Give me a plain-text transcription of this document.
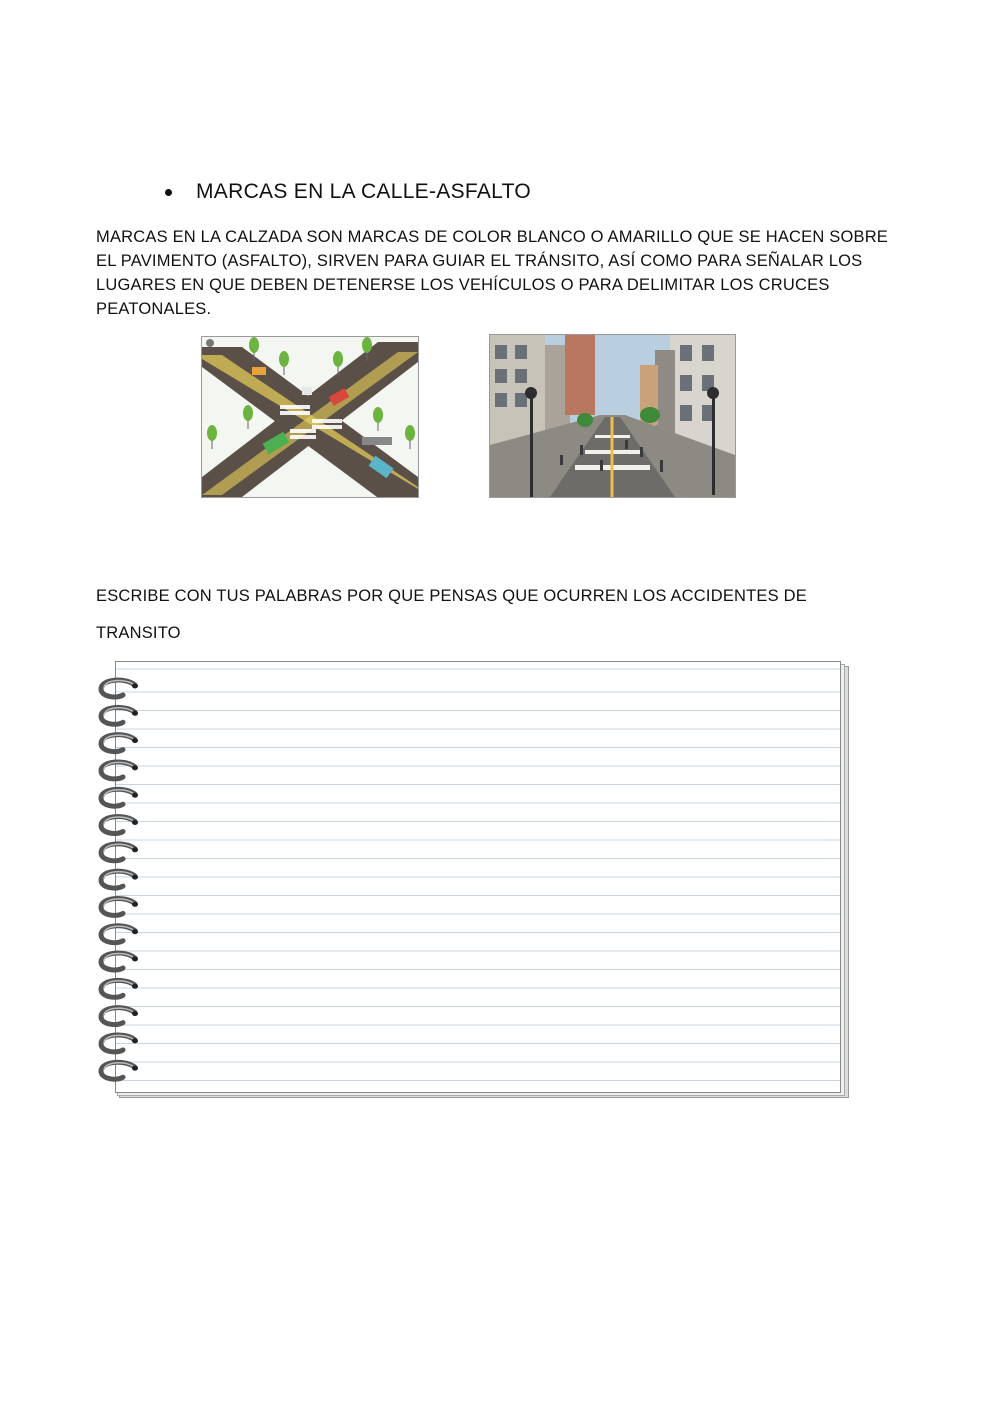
MARCAS EN LA CALLE-ASFALTO
MARCAS EN LA CALZADA SON MARCAS DE COLOR BLANCO O AMARILLO QUE SE HACEN SOBRE
EL PAVIMENTO (ASFALTO), SIRVEN PARA GUIAR EL TRÁNSITO, ASÍ COMO PARA SEÑALAR LOS
LUGARES EN QUE DEBEN DETENERSE LOS VEHÍCULOS O PARA DELIMITAR LOS CRUCES
PEATONALES.
ESCRIBE CON TUS PALABRAS POR QUE PENSAS QUE OCURREN LOS ACCIDENTES DE
TRANSITO
